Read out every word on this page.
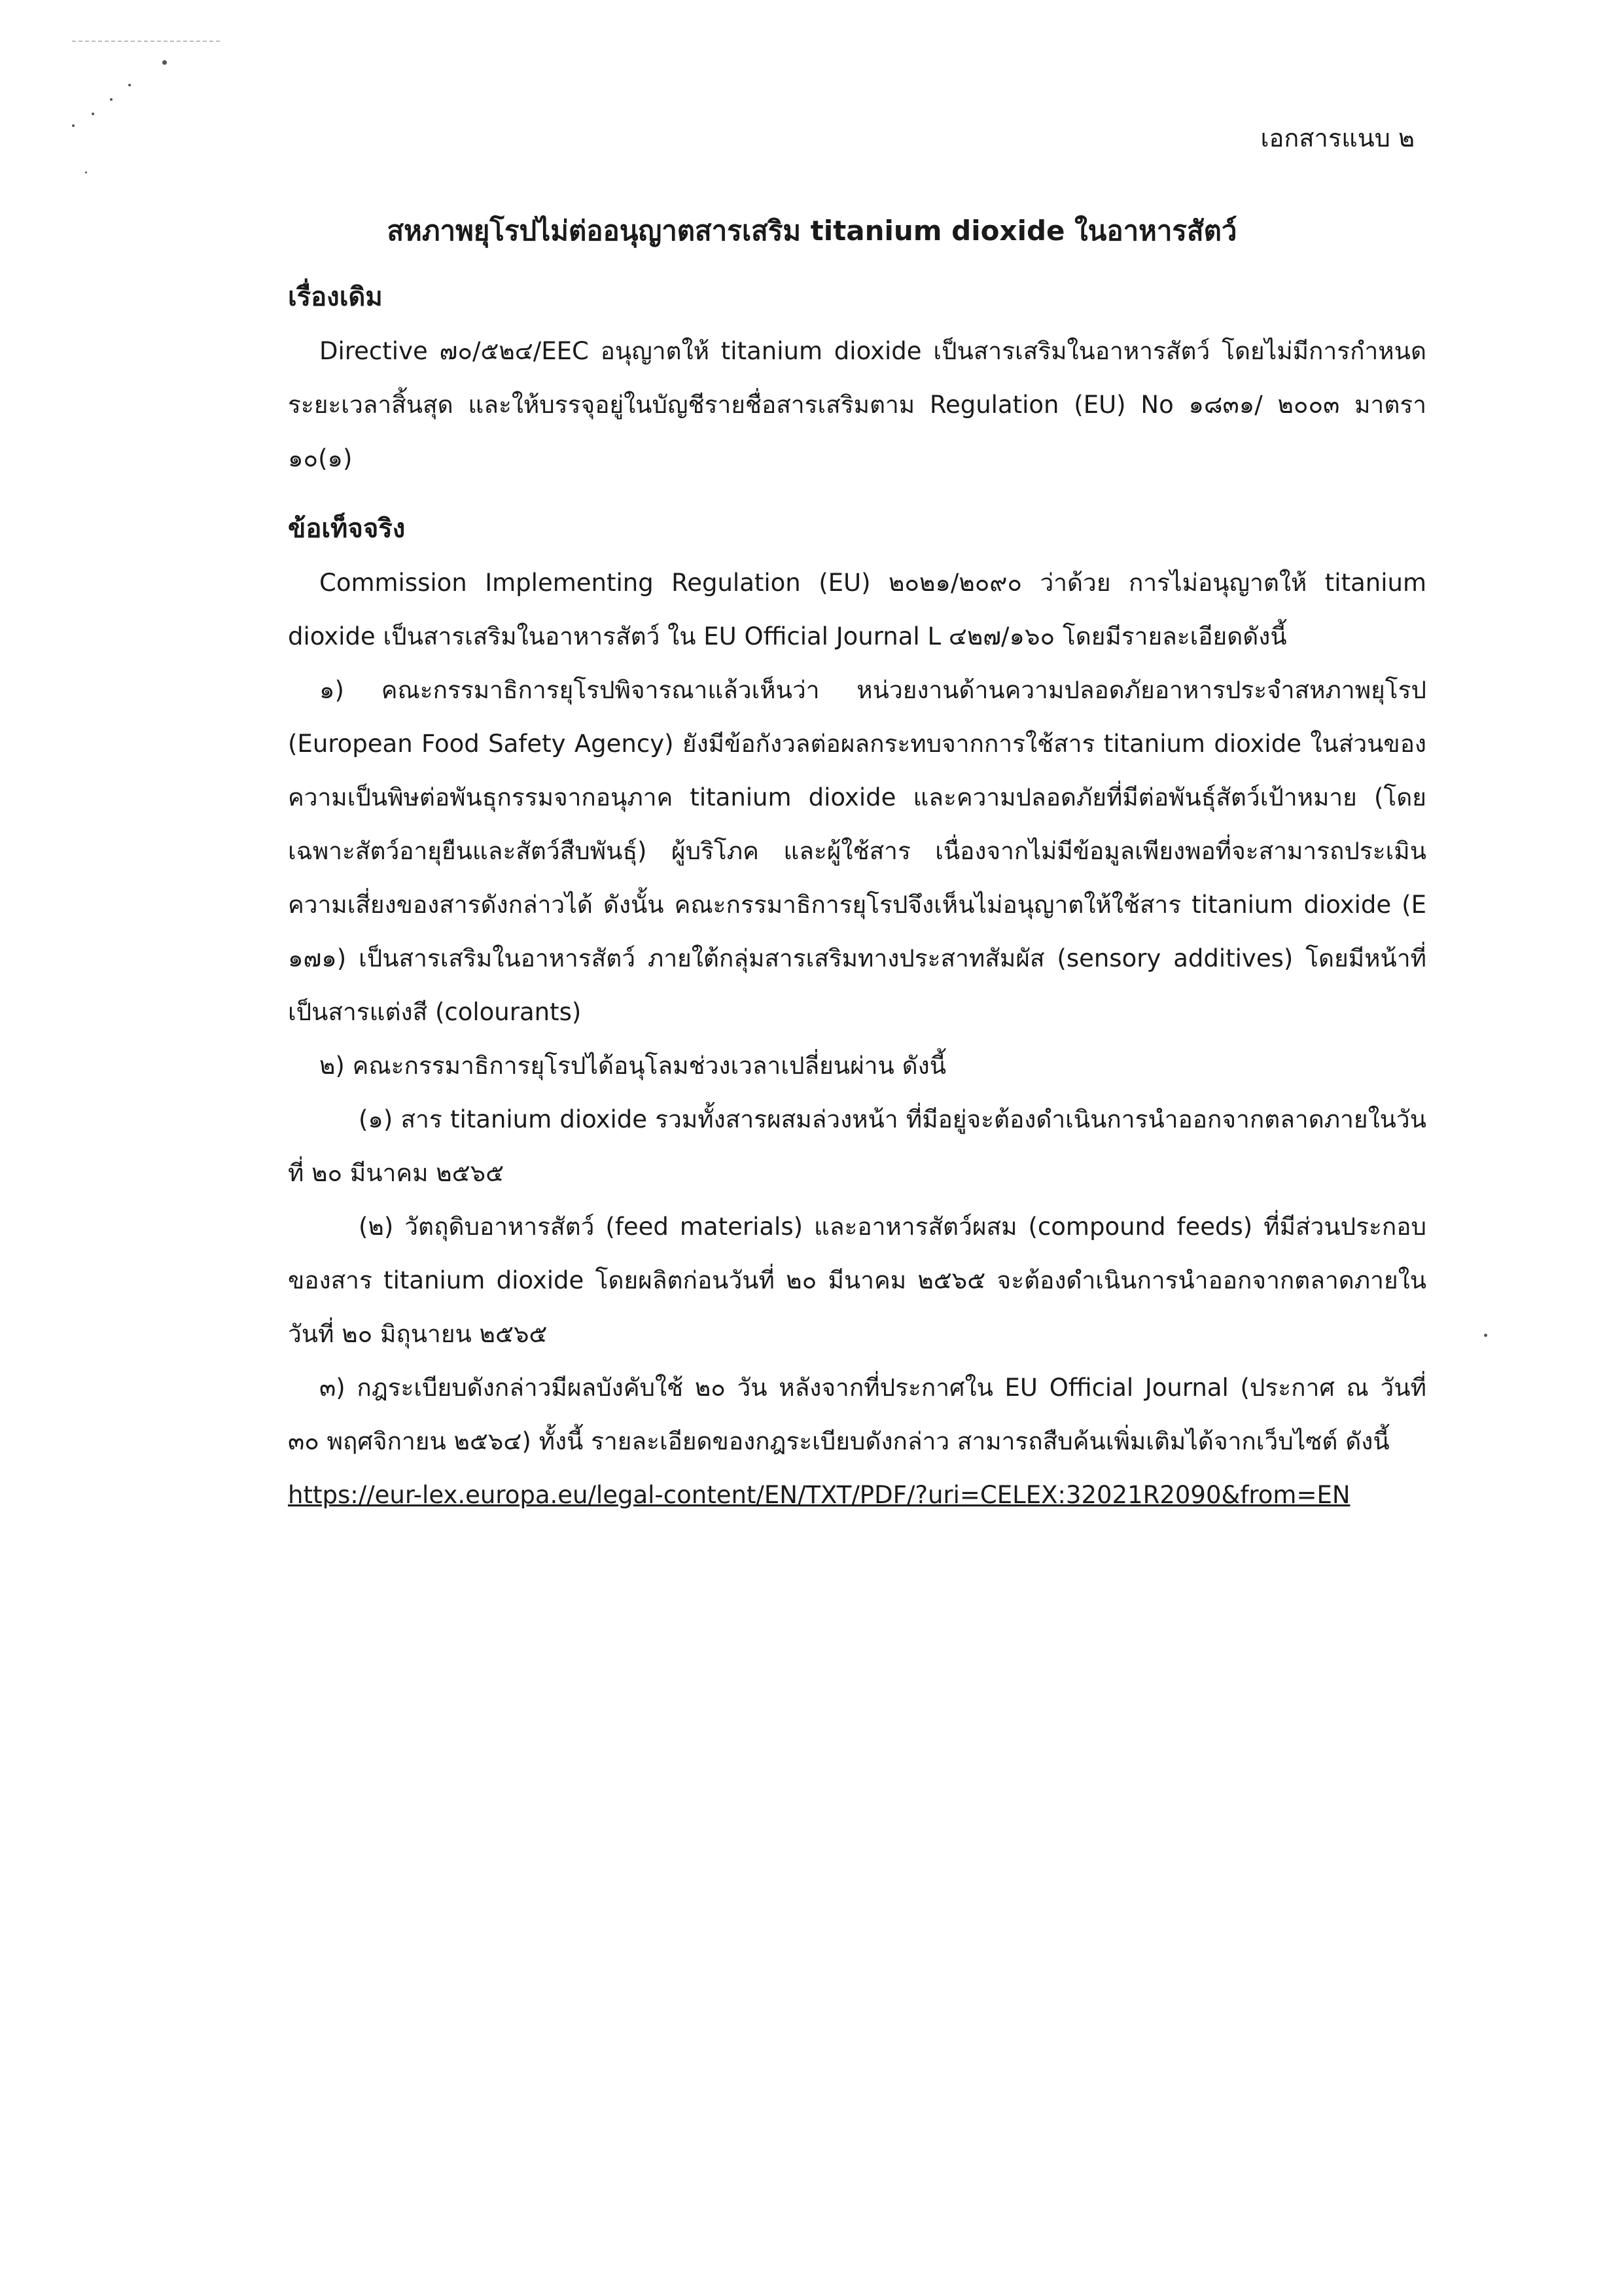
เอกสารแนบ ๒
สหภาพยุโรปไม่ต่ออนุญาตสารเสริม titanium dioxide ในอาหารสัตว์

เรื่องเดิม

Directive ๗๐/๕๒๔/EEC อนุญาตให้ titanium dioxide เป็นสารเสริมในอาหารสัตว์ โดยไม่มีการกำหนดระยะเวลาสิ้นสุด และให้บรรจุอยู่ในบัญชีรายชื่อสารเสริมตาม Regulation (EU) No ๑๘๓๑/ ๒๐๐๓ มาตรา ๑๐(๑)

ข้อเท็จจริง

Commission Implementing Regulation (EU) ๒๐๒๑/๒๐๙๐ ว่าด้วย การไม่อนุญาตให้ titanium dioxide เป็นสารเสริมในอาหารสัตว์ ใน EU Official Journal L ๔๒๗/๑๖๐ โดยมีรายละเอียดดังนี้

๑) คณะกรรมาธิการยุโรปพิจารณาแล้วเห็นว่า หน่วยงานด้านความปลอดภัยอาหารประจำสหภาพยุโรป (European Food Safety Agency) ยังมีข้อกังวลต่อผลกระทบจากการใช้สาร titanium dioxide ในส่วนของความเป็นพิษต่อพันธุกรรมจากอนุภาค titanium dioxide และความปลอดภัยที่มีต่อพันธุ์สัตว์เป้าหมาย (โดยเฉพาะสัตว์อายุยืนและสัตว์สืบพันธุ์) ผู้บริโภค และผู้ใช้สาร เนื่องจากไม่มีข้อมูลเพียงพอที่จะสามารถประเมินความเสี่ยงของสารดังกล่าวได้ ดังนั้น คณะกรรมาธิการยุโรปจึงเห็นไม่อนุญาตให้ใช้สาร titanium dioxide (E ๑๗๑) เป็นสารเสริมในอาหารสัตว์ ภายใต้กลุ่มสารเสริมทางประสาทสัมผัส (sensory additives) โดยมีหน้าที่เป็นสารแต่งสี (colourants)

๒) คณะกรรมาธิการยุโรปได้อนุโลมช่วงเวลาเปลี่ยนผ่าน ดังนี้

(๑) สาร titanium dioxide รวมทั้งสารผสมล่วงหน้า ที่มีอยู่จะต้องดำเนินการนำออกจากตลาดภายในวันที่ ๒๐ มีนาคม ๒๕๖๕

(๒) วัตถุดิบอาหารสัตว์ (feed materials) และอาหารสัตว์ผสม (compound feeds) ที่มีส่วนประกอบของสาร titanium dioxide โดยผลิตก่อนวันที่ ๒๐ มีนาคม ๒๕๖๕ จะต้องดำเนินการนำออกจากตลาดภายในวันที่ ๒๐ มิถุนายน ๒๕๖๕

๓) กฎระเบียบดังกล่าวมีผลบังคับใช้ ๒๐ วัน หลังจากที่ประกาศใน EU Official Journal (ประกาศ ณ วันที่ ๓๐ พฤศจิกายน ๒๕๖๔) ทั้งนี้ รายละเอียดของกฎระเบียบดังกล่าว สามารถสืบค้นเพิ่มเติมได้จากเว็บไซต์ ดังนี้

https://eur-lex.europa.eu/legal-content/EN/TXT/PDF/?uri=CELEX:32021R2090&from=EN
